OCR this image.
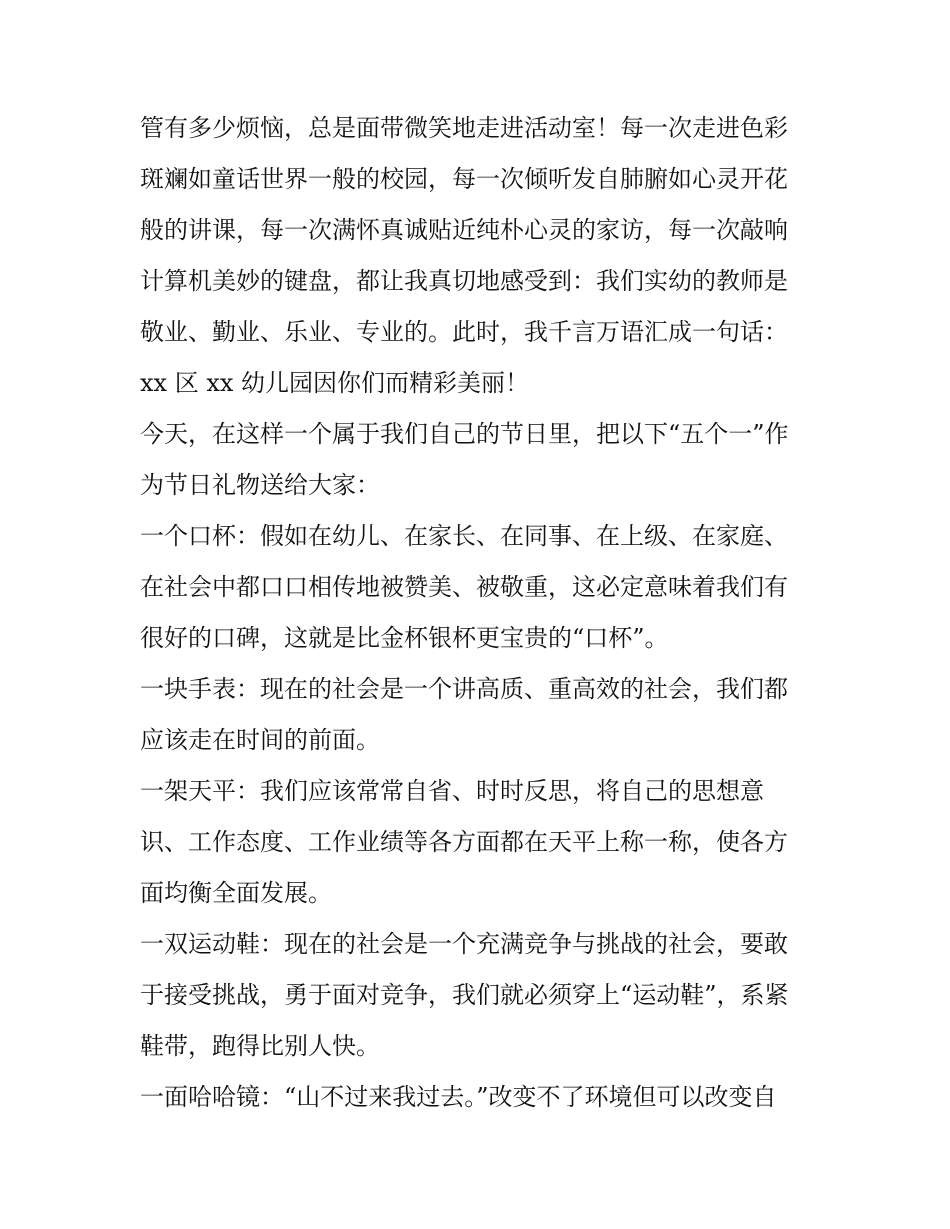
管有多少烦恼，总是面带微笑地走进活动室！每一次走进色彩
斑斓如童话世界一般的校园，每一次倾听发自肺腑如心灵开花
般的讲课，每一次满怀真诚贴近纯朴心灵的家访，每一次敲响
计算机美妙的键盘，都让我真切地感受到：我们实幼的教师是
敬业、勤业、乐业、专业的。此时，我千言万语汇成一句话：
xx 区 xx 幼儿园因你们而精彩美丽！
今天，在这样一个属于我们自己的节日里，把以下“五个一”作
为节日礼物送给大家：
一个口杯：假如在幼儿、在家长、在同事、在上级、在家庭、
在社会中都口口相传地被赞美、被敬重，这必定意味着我们有
很好的口碑，这就是比金杯银杯更宝贵的“口杯”。
一块手表：现在的社会是一个讲高质、重高效的社会，我们都
应该走在时间的前面。
一架天平：我们应该常常自省、时时反思，将自己的思想意
识、工作态度、工作业绩等各方面都在天平上称一称，使各方
面均衡全面发展。
一双运动鞋：现在的社会是一个充满竞争与挑战的社会，要敢
于接受挑战，勇于面对竞争，我们就必须穿上“运动鞋”，系紧
鞋带，跑得比别人快。
一面哈哈镜：“山不过来我过去。”改变不了环境但可以改变自
